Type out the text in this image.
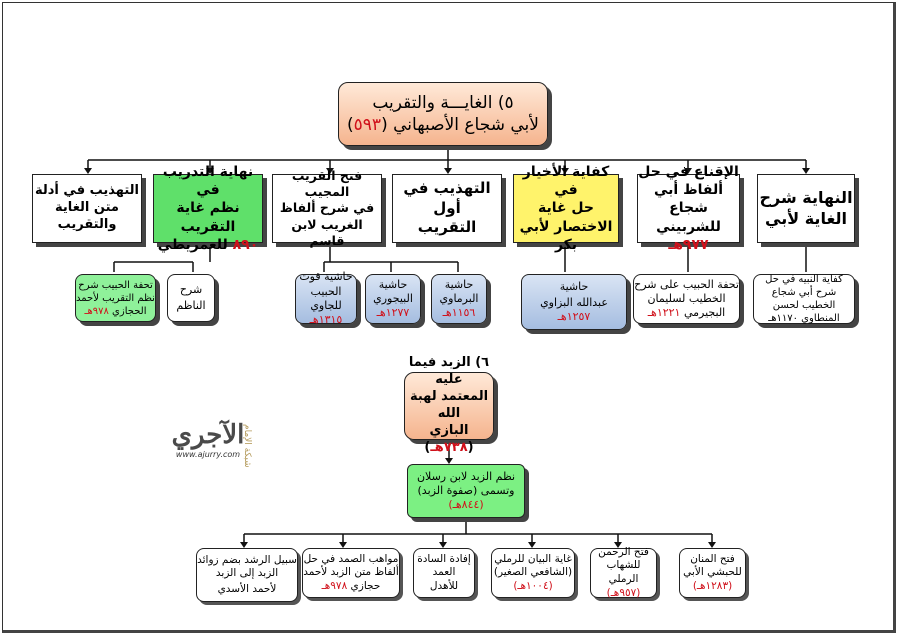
٥) الغايـــة والتقريب
لأبي شجاع الأصبهاني (٥٩٣)
النهاية شرح
الغاية لأبي
الإقناع في حل
ألفاظ أبي شجاع
للشربيني ٩٧٧هـ
كفاية الأخيار في
حل غاية
الاختصار لأبي بكر
التهذيب في أول
التقريب
فتح القريب المجيب
في شرح ألفاظ
الغريب لابن قاسم
نهاية التدريب في
نظم غاية التقريب
٨٩٠ للعمريطي
التهذيب في أدلة
متن الغاية
والتقريب
كفاية النبيه في حل
شرح أبي شجاع
الخطيب لحسن
المنطاوي ١١٧٠هـ
تحفة الحبيب على شرح
الخطيب لسليمان
البجيرمي ١٢٢١هـ
حاشية
عبدالله البزاوي
١٢٥٧هـ
حاشية
البرماوي
١١٥٦هـ
حاشية
البيجوري
١٢٧٧هـ
حاشية قوت
الحبيب
للجاوي
١٣١٥هـ
شرح
الناظم
تحفة الحبيب شرح
نظم التقريب لأحمد
الحجازي ٩٧٨هـ
٦) الزبد فيما عليه
المعتمد لهبة الله
البازي (٧٣٨هـ)
نظم الزبد لابن رسلان
وتسمى (صفوة الزبد)
(٨٤٤هـ)
فتح المنان
للحبشي الأبي
(١٢٨٣هـ)
فتح الرحمن
للشهاب الرملي
(٩٥٧هـ)
غاية البيان للرملي
(الشافعي الصغير)
(١٠٠٤هـ)
إفادة السادة
العمد
للأهدل
مواهب الصمد في حل
ألفاظ متن الزبد لأحمد
حجازي ٩٧٨هـ
سبيل الرشد بضم زوائد
الزبد إلى الزبد
لأحمد الأسدي
شبكة الإمام
الآجري
www.ajurry.com
